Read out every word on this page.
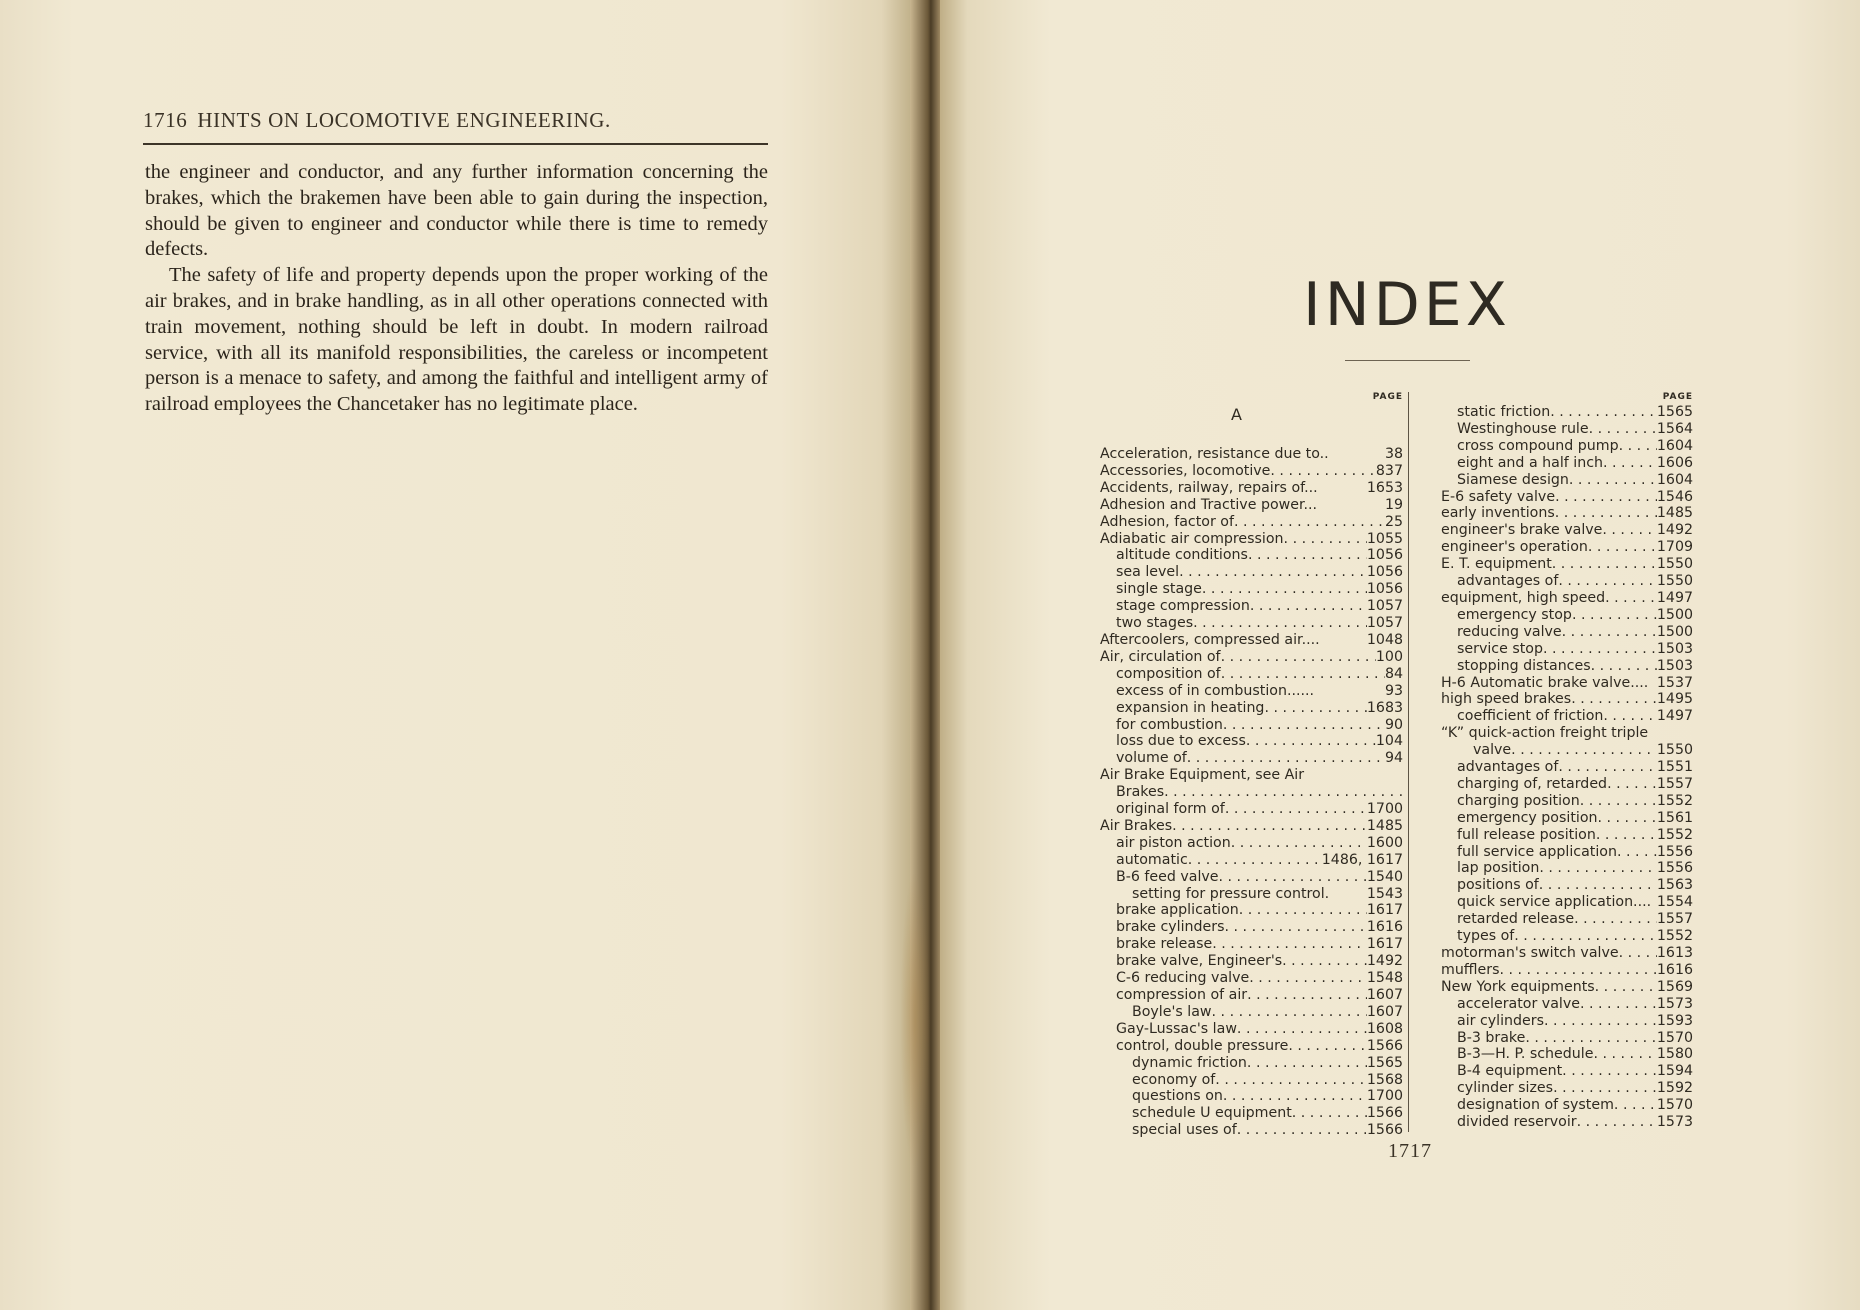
1716 HINTS ON LOCOMOTIVE ENGINEERING.

the engineer and conductor, and any further information concerning the brakes, which the brakemen have been able to gain during the inspection, should be given to engineer and conductor while there is time to remedy defects.

The safety of life and property depends upon the proper working of the air brakes, and in brake handling, as in all other operations connected with train movement, nothing should be left in doubt. In modern railroad service, with all its manifold responsibilities, the careless or incompetent person is a menace to safety, and among the faithful and intelligent army of railroad employees the Chancetaker has no legitimate place.

INDEX
PAGE
A
Acceleration, resistance due to..	38
Accessories, locomotive . . .	837
Accidents, railway, repairs of...	1653
Adhesion and Tractive power...	19
Adhesion, factor of . . .	25
Adiabatic air compression . . .	1055
altitude conditions . . .	1056
sea level . . .	1056
single stage . . .	1056
stage compression . . .	1057
two stages . . .	1057
Aftercoolers, compressed air....	1048
Air, circulation of . . .	100
composition of . . .	84
excess of in combustion......	93
expansion in heating . . .	1683
for combustion . . .	90
loss due to excess . . .	104
volume of . . .	94
Air Brake Equipment, see Air
Brakes
. . .
original form of . . .	1700
Air Brakes . . .	1485
air piston action . . .	1600
automatic . . .	1486, 1617
B-6 feed valve . . .	1540
setting for pressure control.	1543
brake application . . .	1617
brake cylinders . . .	1616
brake release . . .	1617
brake valve, Engineer's . . .	1492
C-6 reducing valve . . .	1548
compression of air . . .	1607
Boyle's law . . .	1607
Gay-Lussac's law . . .	1608
control, double pressure . . .	1566
dynamic friction . . .	1565
economy of . . .	1568
questions on . . .	1700
schedule U equipment . . .	1566
special uses of . . .	1566
PAGE
static friction . . .	1565
Westinghouse rule . . .	1564
cross compound pump . . .	1604
eight and a half inch . . .	1606
Siamese design . . .	1604
E-6 safety valve . . .	1546
early inventions . . .	1485
engineer's brake valve . . .	1492
engineer's operation . . .	1709
E. T. equipment . . .	1550
advantages of . . .	1550
equipment, high speed . . .	1497
emergency stop . . .	1500
reducing valve . . .	1500
service stop . . .	1503
stopping distances . . .	1503
H-6 Automatic brake valve.... 1537
high speed brakes . . .	1495
coefficient of friction . . .	1497
“K” quick-action freight triple
valve . . .	1550
advantages of . . .	1551
charging of, retarded . . .	1557
charging position . . .	1552
emergency position . . .	1561
full release position . . .	1552
full service application . . .	1556
lap position . . .	1556
positions of . . .	1563
quick service application.... 1554
retarded release . . .	1557
types of . . .	1552
motorman's switch valve . . .	1613
mufflers . . .	1616
New York equipments . . .	1569
accelerator valve . . .	1573
air cylinders . . .	1593
B-3 brake . . .	1570
B-3—H. P. schedule . . .	1580
B-4 equipment . . .	1594
cylinder sizes . . .	1592
designation of system . . .	1570
divided reservoir . . .	1573
1717
